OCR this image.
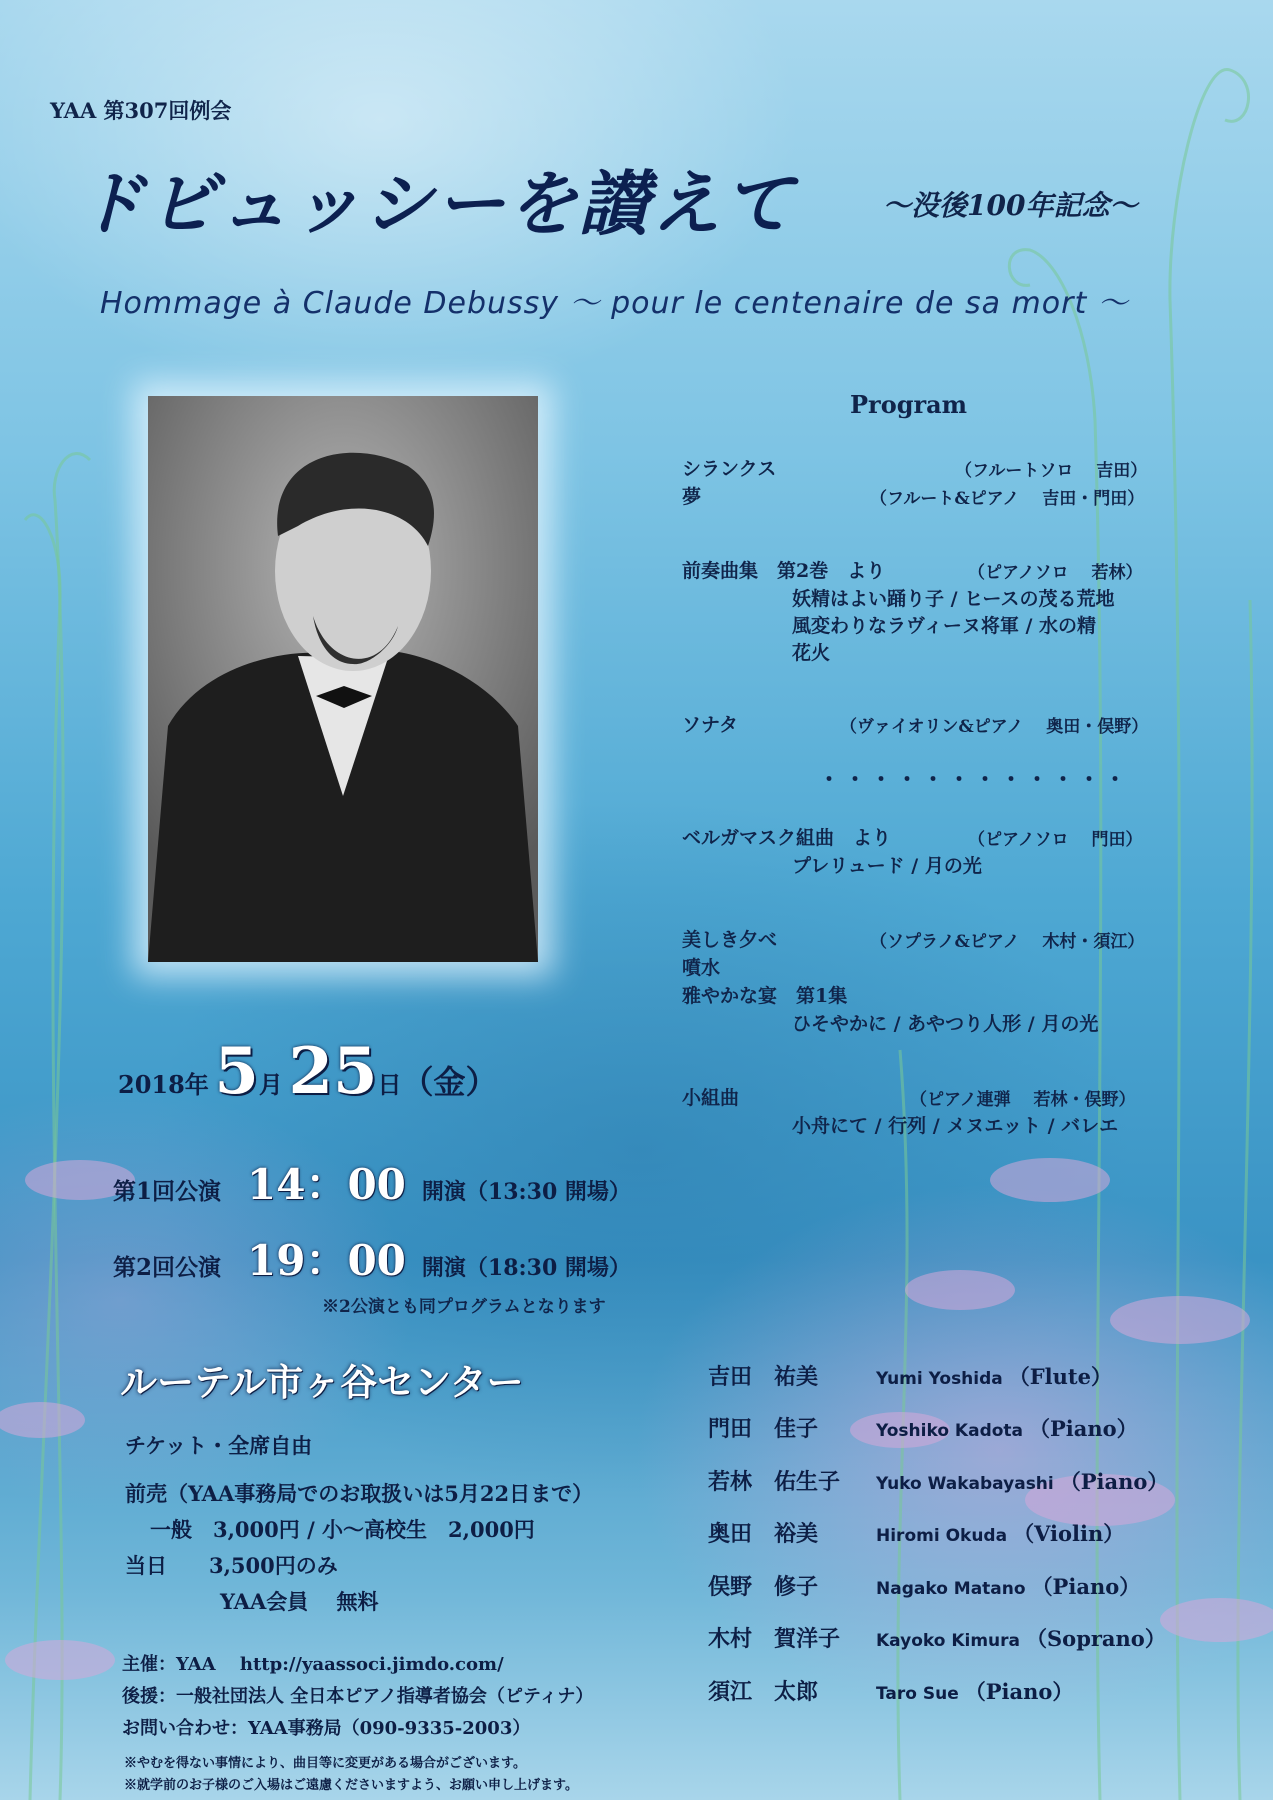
YAA 第307回例会
ドビュッシーを讃えて	～没後100年記念～
Hommage à Claude Debussy ～ pour le centenaire de sa mort ～
Program
シランクス	（フルートソロ　 吉田）
夢	（フルート&ピアノ　 吉田・門田）
前奏曲集　第2巻　より	（ピアノソロ　 若林）
妖精はよい踊り子 / ヒースの茂る荒地
風変わりなラヴィーヌ将軍 / 水の精
花火
ソナタ	（ヴァイオリン&ピアノ　 奥田・俣野）
・・・・・・・・・・・・
ベルガマスク組曲　より	（ピアノソロ　 門田）
プレリュード / 月の光
美しき夕べ	（ソプラノ&ピアノ　 木村・須江）
噴水
雅やかな宴　第1集
ひそやかに / あやつり人形 / 月の光
小組曲	（ピアノ連弾　 若林・俣野）
小舟にて / 行列 / メヌエット / バレエ
2018年 5月 25日（金）
第1回公演 14：00 開演（13:30 開場）
第2回公演 19：00 開演（18:30 開場）
※2公演とも同プログラムとなります
ルーテル市ヶ谷センター
チケット・全席自由
前売（YAA事務局でのお取扱いは5月22日まで）
一般　3,000円 / 小～高校生　2,000円
当日　　3,500円のみ
YAA会員　 無料
主催：YAA　 http://yaassoci.jimdo.com/
後援：一般社団法人 全日本ピアノ指導者協会（ピティナ）
お問い合わせ：YAA事務局（090-9335-2003）
※やむを得ない事情により、曲目等に変更がある場合がございます。
※就学前のお子様のご入場はご遠慮くださいますよう、お願い申し上げます。
吉田　祐美	Yumi Yoshida （Flute）
門田　佳子	Yoshiko Kadota （Piano）
若林　佑生子 Yuko Wakabayashi （Piano）
奥田　裕美	Hiromi Okuda （Violin）
俣野　修子	Nagako Matano （Piano）
木村　賀洋子 Kayoko Kimura （Soprano）
須江　太郎	Taro Sue （Piano）
